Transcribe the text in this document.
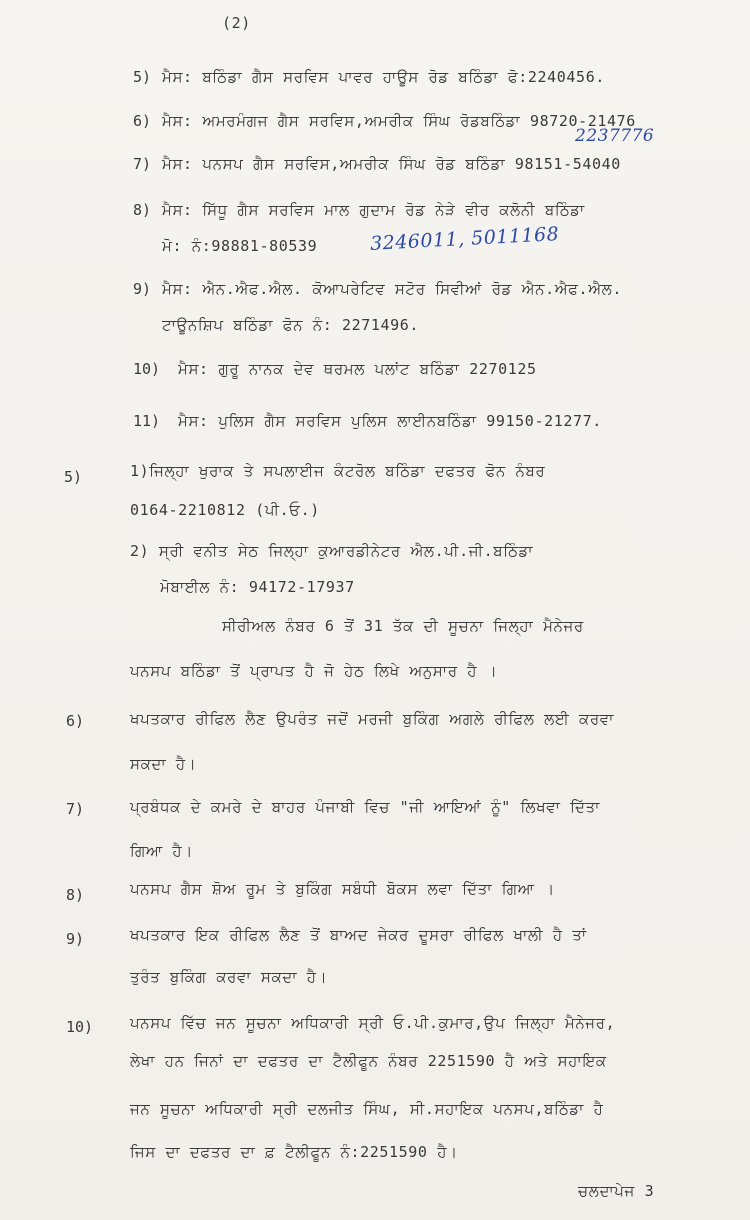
(2)
5) ਮੈਸ: ਬਠਿੰਡਾ ਗੈਸ ਸਰਵਿਸ ਪਾਵਰ ਹਾਊਸ ਰੋਡ ਬਠਿੰਡਾ ਫੋ:2240456.
6) ਮੈਸ: ਅਮਰਮੰਗਜ ਗੈਸ ਸਰਵਿਸ,ਅਮਰੀਕ ਸਿੰਘ ਰੋਡਬਠਿੰਡਾ 98720-21476
2237776
7) ਮੈਸ: ਪਨਸਪ ਗੈਸ ਸਰਵਿਸ,ਅਮਰੀਕ ਸਿੰਘ ਰੋਡ ਬਠਿੰਡਾ 98151-54040
8) ਮੈਸ: ਸਿੱਧੂ ਗੈਸ ਸਰਵਿਸ ਮਾਲ ਗੁਦਾਮ ਰੋਡ ਨੇੜੇ ਵੀਰ ਕਲੋਨੀ ਬਠਿੰਡਾ
ਮੋ: ਨੰ:98881-80539	3246011, 5011168
9) ਮੈਸ: ਐਨ.ਐਫ.ਐਲ. ਕੋਆਪਰੇਟਿਵ ਸਟੋਰ ਸਿਵੀਆਂ ਰੋਡ ਐਨ.ਐਫ.ਐਲ.
ਟਾਊਨਸ਼ਿਪ ਬਠਿੰਡਾ ਫੋਨ ਨੰ: 2271496.
10) ਮੈਸ: ਗੁਰੂ ਨਾਨਕ ਦੇਵ ਥਰਮਲ ਪਲਾਂਟ ਬਠਿੰਡਾ 2270125
11) ਮੈਸ: ਪੁਲਿਸ ਗੈਸ ਸਰਵਿਸ ਪੁਲਿਸ ਲਾਈਨਬਠਿੰਡਾ 99150-21277.
5)	1)ਜਿਲ੍ਹਾ ਖੁਰਾਕ ਤੇ ਸਪਲਾਈਜ ਕੰਟਰੋਲ ਬਠਿੰਡਾ ਦਫਤਰ ਫੋਨ ਨੰਬਰ
0164-2210812 (ਪੀ.ਓ.)
2) ਸ੍ਰੀ ਵਨੀਤ ਸੇਠ ਜਿਲ੍ਹਾ ਕੁਆਰਡੀਨੇਟਰ ਐਲ.ਪੀ.ਜੀ.ਬਠਿੰਡਾ
ਮੋਬਾਈਲ ਨੰ: 94172-17937
ਸੀਰੀਅਲ ਨੰਬਰ 6 ਤੋਂ 31 ਤੱਕ ਦੀ ਸੂਚਨਾ ਜਿਲ੍ਹਾ ਮੈਨੇਜਰ
ਪਨਸਪ ਬਠਿੰਡਾ ਤੋਂ ਪ੍ਰਾਪਤ ਹੈ ਜੋ ਹੇਠ ਲਿਖੇ ਅਨੁਸਾਰ ਹੈ ।
6)	ਖਪਤਕਾਰ ਰੀਫਿਲ ਲੈਣ ਉਪਰੰਤ ਜਦੋਂ ਮਰਜੀ ਬੁਕਿੰਗ ਅਗਲੇ ਰੀਫਿਲ ਲਈ ਕਰਵਾ
ਸਕਦਾ ਹੈ।
7)	ਪ੍ਰਬੰਧਕ ਦੇ ਕਮਰੇ ਦੇ ਬਾਹਰ ਪੰਜਾਬੀ ਵਿਚ "ਜੀ ਆਇਆਂ ਨੂੰ" ਲਿਖਵਾ ਦਿੱਤਾ
ਗਿਆ ਹੈ।
8)	ਪਨਸਪ ਗੈਸ ਸ਼ੋਅ ਰੂਮ ਤੇ ਬੁਕਿੰਗ ਸਬੰਧੀ ਬੋਕਸ ਲਵਾ ਦਿੱਤਾ ਗਿਆ ।
9)	ਖਪਤਕਾਰ ਇਕ ਰੀਫਿਲ ਲੈਣ ਤੋਂ ਬਾਅਦ ਜੇਕਰ ਦੂਸਰਾ ਰੀਫਿਲ ਖਾਲੀ ਹੈ ਤਾਂ
ਤੁਰੰਤ ਬੁਕਿੰਗ ਕਰਵਾ ਸਕਦਾ ਹੈ।
10) ਪਨਸਪ ਵਿੱਚ ਜਨ ਸੂਚਨਾ ਅਧਿਕਾਰੀ ਸ੍ਰੀ ਓ.ਪੀ.ਕੁਮਾਰ,ਉਪ ਜਿਲ੍ਹਾ ਮੈਨੇਜਰ,
ਲੇਖਾ ਹਨ ਜਿਨਾਂ ਦਾ ਦਫਤਰ ਦਾ ਟੈਲੀਫੂਨ ਨੰਬਰ 2251590 ਹੈ ਅਤੇ ਸਹਾਇਕ
ਜਨ ਸੂਚਨਾ ਅਧਿਕਾਰੀ ਸ੍ਰੀ ਦਲਜੀਤ ਸਿੰਘ, ਸੀ.ਸਹਾਇਕ ਪਨਸਪ,ਬਠਿੰਡਾ ਹੈ
ਜਿਸ ਦਾ ਦਫਤਰ ਦਾ ਫ਼ ਟੈਲੀਫੂਨ ਨੰ:2251590 ਹੈ।
ਚਲਦਾਪੇਜ 3
